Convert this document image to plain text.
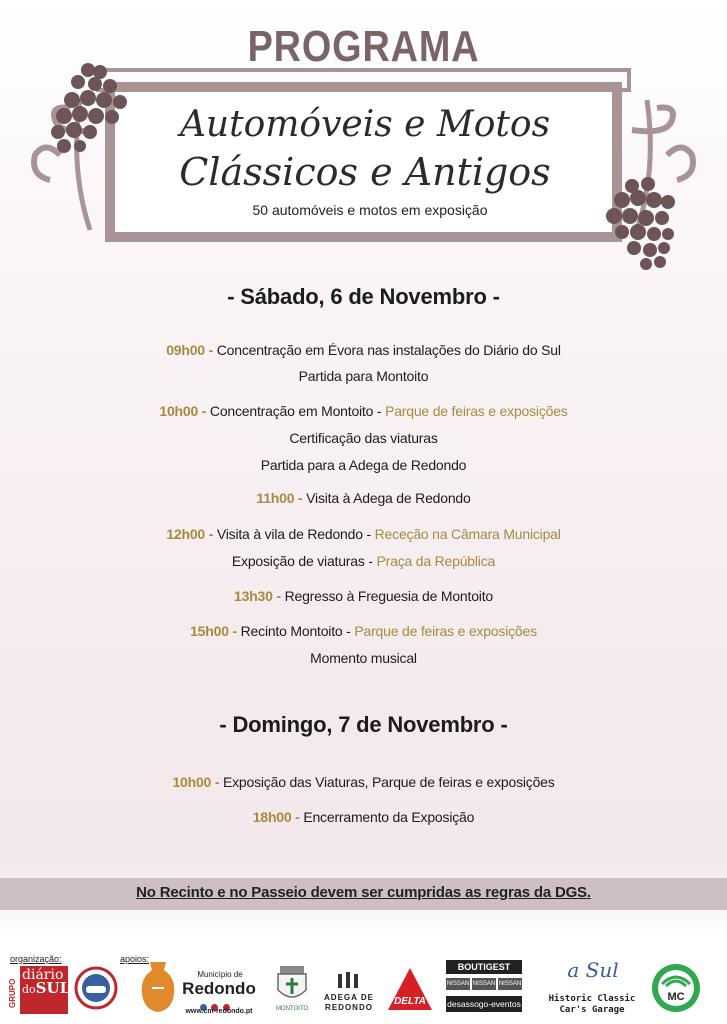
PROGRAMA
Automóveis e Motos
Clássicos e Antigos
50 automóveis e motos em exposição
- Sábado, 6 de Novembro -
09h00 - Concentração em Évora nas instalações do Diário do Sul
Partida para Montoito
10h00 - Concentração em Montoito - Parque de feiras e exposições
Certificação das viaturas
Partida para a Adega de Redondo
11h00 - Visita à Adega de Redondo
12h00 - Visita à vila de Redondo - Receção na Câmara Municipal
Exposição de viaturas - Praça da República
13h30 - Regresso à Freguesia de Montoito
15h00 - Recinto Montoito - Parque de feiras e exposições
Momento musical
- Domingo, 7 de Novembro -
10h00 - Exposição das Viaturas, Parque de feiras e exposições
18h00 - Encerramento da Exposição
No Recinto e no Passeio devem ser cumpridas as regras da DGS.
organização:	apoios:
GRUPO
diário
doSUL
Município de
Redondo

www.cm-redondo.pt	MONTOITO
ADEGA DE
REDONDO
DELTA
BOUTIGEST
NISSAN NISSAN NISSAN
desassogo-eventos
a Sul
Historic Classic
Car's Garage
MC
